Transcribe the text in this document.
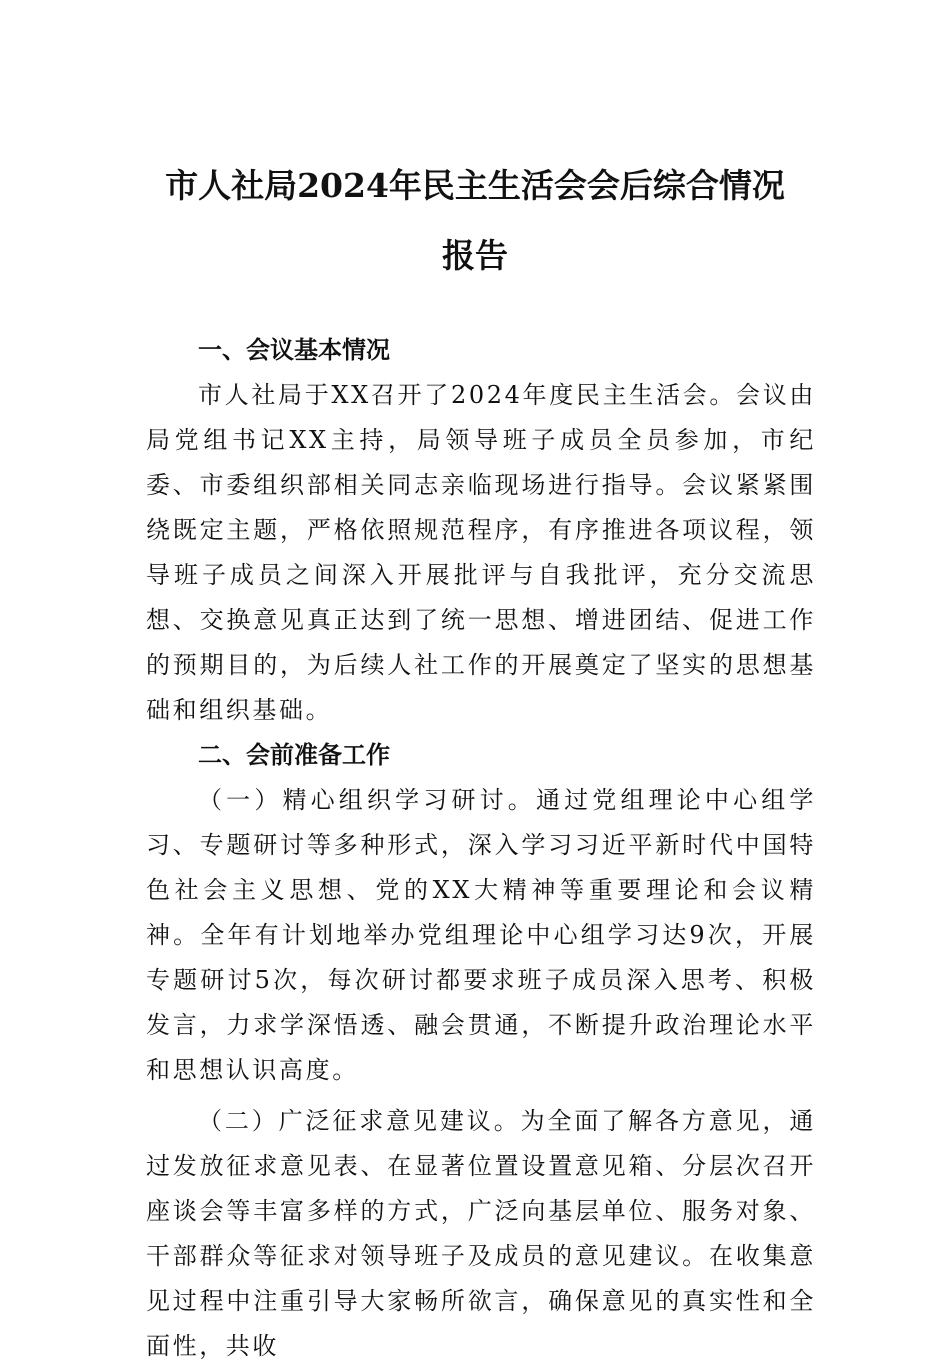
市人社局2024年民主生活会会后综合情况
报告
一、会议基本情况

市人社局于XX召开了2024年度民主生活会。会议由局党组书记XX主持，局领导班子成员全员参加，市纪委、市委组织部相关同志亲临现场进行指导。会议紧紧围绕既定主题，严格依照规范程序，有序推进各项议程，领导班子成员之间深入开展批评与自我批评，充分交流思想、交换意见真正达到了统一思想、增进团结、促进工作的预期目的，为后续人社工作的开展奠定了坚实的思想基础和组织基础。

二、会前准备工作

（一）精心组织学习研讨。通过党组理论中心组学习、专题研讨等多种形式，深入学习习近平新时代中国特色社会主义思想、党的XX大精神等重要理论和会议精神。全年有计划地举办党组理论中心组学习达9次，开展专题研讨5次，每次研讨都要求班子成员深入思考、积极发言，力求学深悟透、融会贯通，不断提升政治理论水平和思想认识高度。

（二）广泛征求意见建议。为全面了解各方意见，通过发放征求意见表、在显著位置设置意见箱、分层次召开座谈会等丰富多样的方式，广泛向基层单位、服务对象、干部群众等征求对领导班子及成员的意见建议。在收集意见过程中注重引导大家畅所欲言，确保意见的真实性和全面性，共收
